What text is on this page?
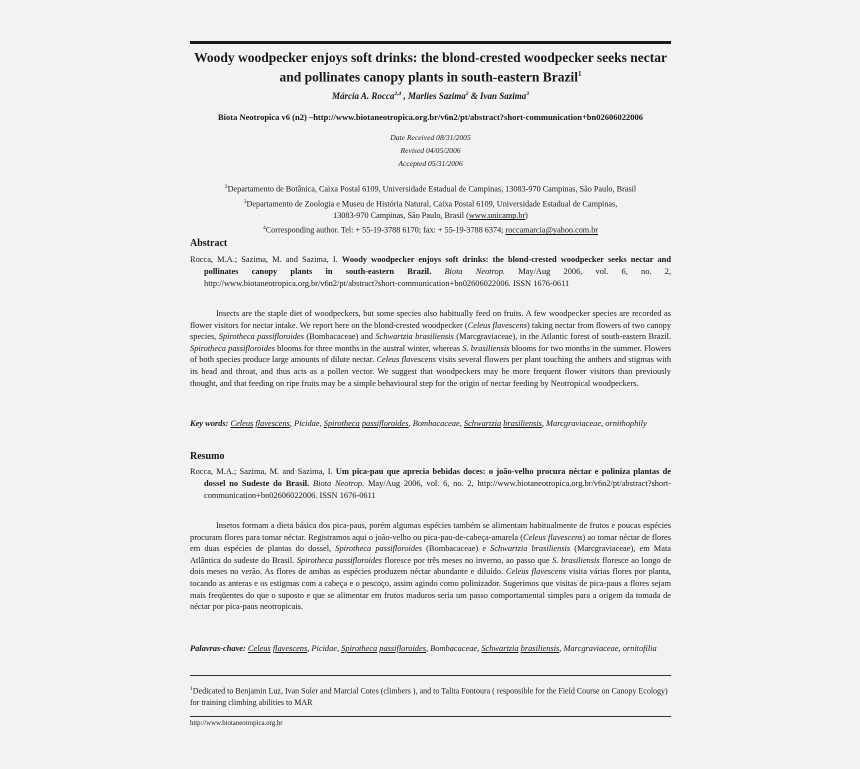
Woody woodpecker enjoys soft drinks: the blond-crested woodpecker seeks nectar and pollinates canopy plants in south-eastern Brazil$^1$
Márcia A. Rocca$^{2,4}$ , Marlies Sazima$^2$ & Ivan Sazima$^3$
Biota Neotropica v6 (n2) –http://www.biotaneotropica.org.br/v6n2/pt/abstract?short-communication+bn02606022006
Date Received 08/31/2005
Revised 04/05/2006
Accepted 05/31/2006
$^2$Departamento de Botânica, Caixa Postal 6109, Universidade Estadual de Campinas, 13083-970 Campinas, São Paulo, Brasil
$^3$Departamento de Zoologia e Museu de História Natural, Caixa Postal 6109, Universidade Estadual de Campinas,
13083-970 Campinas, São Paulo, Brasil (www.unicamp.br)
$^4$Corresponding author. Tel: + 55-19-3788 6170; fax: + 55-19-3788 6374; roccamarcia@yahoo.com.br
Abstract
Rocca, M.A.; Sazima, M. and Sazima, I. Woody woodpecker enjoys soft drinks: the blond-crested woodpecker seeks nectar and pollinates canopy plants in south-eastern Brazil. Biota Neotrop. May/Aug 2006, vol. 6, no. 2, http://www.biotaneotropica.org.br/v6n2/pt/abstract?short-communication+bn02606022006. ISSN 1676-0611
Insects are the staple diet of woodpeckers, but some species also habitually feed on fruits. A few woodpecker species are recorded as flower visitors for nectar intake. We report here on the blond-crested woodpecker (Celeus flavescens) taking nectar from flowers of two canopy species, Spirotheca passifloroides (Bombacaceae) and Schwartzia brasiliensis (Marcgraviaceae), in the Atlantic forest of south-eastern Brazil. Spirotheca passifloroides blooms for three months in the austral winter, whereas S. brasiliensis blooms for two months in the summer. Flowers of both species produce large amounts of dilute nectar. Celeus flavescens visits several flowers per plant touching the anthers and stigmas with its head and throat, and thus acts as a pollen vector. We suggest that woodpeckers may be more frequent flower visitors than previously thought, and that feeding on ripe fruits may be a simple behavioural step for the origin of nectar feeding by Neotropical woodpeckers.
Key words: Celeus flavescens, Picidae, Spirotheca passifloroides, Bombacaceae, Schwartzia brasiliensis, Marcgraviaceae, ornithophily
Resumo
Rocca, M.A.; Sazima, M. and Sazima, I. Um pica-pau que aprecia bebidas doces: o joão-velho procura néctar e poliniza plantas de dossel no Sudeste do Brasil. Biota Neotrop. May/Aug 2006, vol. 6, no. 2, http://www.biotaneotropica.org.br/v6n2/pt/abstract?short-communication+bn02606022006. ISSN 1676-0611
Insetos formam a dieta básica dos pica-paus, porém algumas espécies também se alimentam habitualmente de frutos e poucas espécies procuram flores para tomar néctar. Registramos aqui o joão-velho ou pica-pau-de-cabeça-amarela (Celeus flavescens) ao tomar néctar de flores em duas espécies de plantas do dossel, Spirotheca passifloroides (Bombacaceae) e Schwartzia brasiliensis (Marcgraviaceae), em Mata Atlântica do sudeste do Brasil. Spirotheca passifloroides floresce por três meses no inverno, ao passo que S. brasiliensis floresce ao longo de dois meses no verão. As flores de ambas as espécies produzem néctar abundante e diluído. Celeus flavescens visita várias flores por planta, tocando as anteras e os estigmas com a cabeça e o pescoço, assim agindo como polinizador. Sugerimos que visitas de pica-paus a flores sejam mais freqüentes do que o suposto e que se alimentar em frutos maduros seria um passo comportamental simples para a origem da tomada de néctar por pica-paus neotropicais.
Palavras-chave: Celeus flavescens, Picidae, Spirotheca passifloroides, Bombacaceae, Schwartzia brasiliensis, Marcgraviaceae, ornitofilia
$^1$Dedicated to Benjamin Luz, Ivan Soler and Marcial Cotes (climbers ), and to Talita Fontoura ( responsible for the Field Course on Canopy Ecology) for training climbing abilities to MAR
http://www.biotaneotropica.org.br
